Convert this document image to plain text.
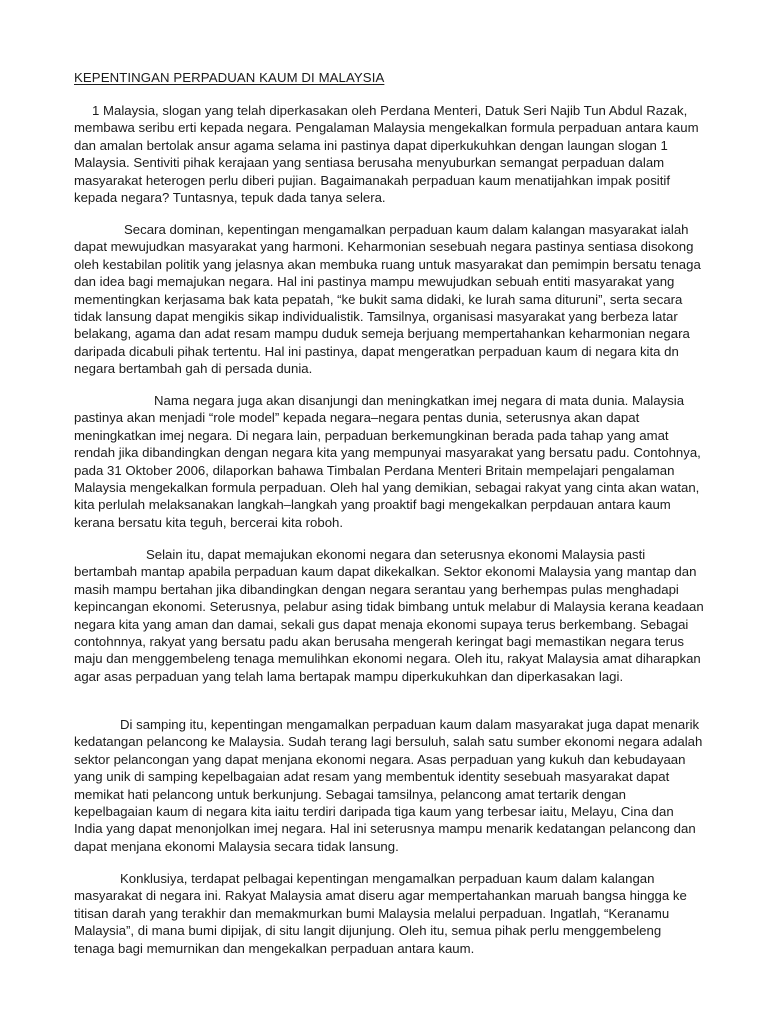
KEPENTINGAN PERPADUAN KAUM DI MALAYSIA

1 Malaysia, slogan yang telah diperkasakan oleh Perdana Menteri, Datuk Seri Najib Tun Abdul Razak, membawa seribu erti kepada negara. Pengalaman Malaysia mengekalkan formula perpaduan antara kaum dan amalan bertolak ansur agama selama ini pastinya dapat diperkukuhkan dengan laungan slogan 1 Malaysia. Sentiviti pihak kerajaan yang sentiasa berusaha menyuburkan semangat perpaduan dalam masyarakat heterogen perlu diberi pujian. Bagaimanakah perpaduan kaum menatijahkan impak positif kepada negara? Tuntasnya, tepuk dada tanya selera.

Secara dominan, kepentingan mengamalkan perpaduan kaum dalam kalangan masyarakat ialah dapat mewujudkan masyarakat yang harmoni. Keharmonian sesebuah negara pastinya sentiasa disokong oleh kestabilan politik yang jelasnya akan membuka ruang untuk masyarakat dan pemimpin bersatu tenaga dan idea bagi memajukan negara. Hal ini pastinya mampu mewujudkan sebuah entiti masyarakat yang mementingkan kerjasama bak kata pepatah, “ke bukit sama didaki, ke lurah sama dituruni”, serta secara tidak lansung dapat mengikis sikap individualistik. Tamsilnya, organisasi masyarakat yang berbeza latar belakang, agama dan adat resam mampu duduk semeja berjuang mempertahankan keharmonian negara daripada dicabuli pihak tertentu. Hal ini pastinya, dapat mengeratkan perpaduan kaum di negara kita dn negara bertambah gah di persada dunia.

Nama negara juga akan disanjungi dan meningkatkan imej negara di mata dunia. Malaysia pastinya akan menjadi “role model” kepada negara–negara pentas dunia, seterusnya akan dapat meningkatkan imej negara. Di negara lain, perpaduan berkemungkinan berada pada tahap yang amat rendah jika dibandingkan dengan negara kita yang mempunyai masyarakat yang bersatu padu. Contohnya, pada 31 Oktober 2006, dilaporkan bahawa Timbalan Perdana Menteri Britain mempelajari pengalaman Malaysia mengekalkan formula perpaduan. Oleh hal yang demikian, sebagai rakyat yang cinta akan watan, kita perlulah melaksanakan langkah–langkah yang proaktif bagi mengekalkan perpdauan antara kaum kerana bersatu kita teguh, bercerai kita roboh.

Selain itu, dapat memajukan ekonomi negara dan seterusnya ekonomi Malaysia pasti bertambah mantap apabila perpaduan kaum dapat dikekalkan. Sektor ekonomi Malaysia yang mantap dan masih mampu bertahan jika dibandingkan dengan negara serantau yang berhempas pulas menghadapi kepincangan ekonomi. Seterusnya, pelabur asing tidak bimbang untuk melabur di Malaysia kerana keadaan negara kita yang aman dan damai, sekali gus dapat menaja ekonomi supaya terus berkembang. Sebagai contohnnya, rakyat yang bersatu padu akan berusaha mengerah keringat bagi memastikan negara terus maju dan menggembeleng tenaga memulihkan ekonomi negara. Oleh itu, rakyat Malaysia amat diharapkan agar asas perpaduan yang telah lama bertapak mampu diperkukuhkan dan diperkasakan lagi.

Di samping itu, kepentingan mengamalkan perpaduan kaum dalam masyarakat juga dapat menarik kedatangan pelancong ke Malaysia. Sudah terang lagi bersuluh, salah satu sumber ekonomi negara adalah sektor pelancongan yang dapat menjana ekonomi negara. Asas perpaduan yang kukuh dan kebudayaan yang unik di samping kepelbagaian adat resam yang membentuk identity sesebuah masyarakat dapat memikat hati pelancong untuk berkunjung. Sebagai tamsilnya, pelancong amat tertarik dengan kepelbagaian kaum di negara kita iaitu terdiri daripada tiga kaum yang terbesar iaitu, Melayu, Cina dan India yang dapat menonjolkan imej negara. Hal ini seterusnya mampu menarik kedatangan pelancong dan dapat menjana ekonomi Malaysia secara tidak lansung.

Konklusiya, terdapat pelbagai kepentingan mengamalkan perpaduan kaum dalam kalangan masyarakat di negara ini. Rakyat Malaysia amat diseru agar mempertahankan maruah bangsa hingga ke titisan darah yang terakhir dan memakmurkan bumi Malaysia melalui perpaduan. Ingatlah, “Keranamu Malaysia”, di mana bumi dipijak, di situ langit dijunjung. Oleh itu, semua pihak perlu menggembeleng tenaga bagi memurnikan dan mengekalkan perpaduan antara kaum.
